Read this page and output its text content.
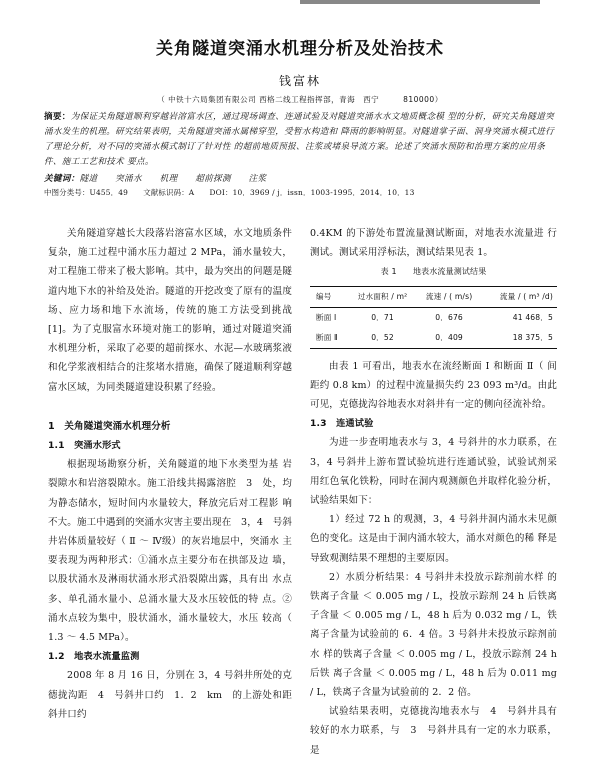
关角隧道突涌水机理分析及处治技术
钱富林
（ 中铁十六局集团有限公司 西格二线工程指挥部，青海　西宁　　　810000）
摘要：为保证关角隧道顺利穿越岩溶富水区，通过现场调查、连通试验及对隧道突涌水水文地质概念模 型的分析，研究关角隧道突涌水发生的机理。研究结果表明，关角隧道突涌水属梯穿型，受暂水构造和 降雨的影响明显。对隧道掌子面、洞身突涌水模式进行了理论分析，对不同的突涌水模式制订了针对性 的超前地质预报、注浆或堵泉导流方案。论述了突涌水预防和治理方案的应用条件、施工工艺和技术 要点。
关键词：隧道　　突涌水　　机理　　超前探测　　注浆
中图分类号：U455．49　　文献标识码：A　　DOI：10．3969 / j．issn．1003-1995．2014．10．13

关角隧道穿越长大段落岩溶富水区域，水文地质条件复杂，施工过程中涌水压力超过 2 MPa，涌水量较大，对工程施工带来了极大影响。其中，最为突出的问题是隧道内地下水的补给及处治。隧道的开挖改变了原有的温度场、应力场和地下水流场，传统的施工方法受到挑战[1]。为了克服富水环境对施工的影响，通过对隧道突涌水机理分析，采取了必要的超前探水、水泥—水玻璃浆液和化学浆液相结合的注浆堵水措施，确保了隧道顺利穿越富水区域，为同类隧道建设积累了经验。

1　关角隧道突涌水机理分析

1.1　突涌水形式

根据现场勘察分析，关角隧道的地下水类型为基 岩裂隙水和岩溶裂隙水。施工沿线共揭露溶腔　3　处，均为静态储水，短时间内水量较大，释放完后对工程影 响不大。施工中遇到的突涌水灾害主要出现在　3，4　号斜井岩体质量较好（ Ⅱ ～ Ⅳ级）的灰岩地层中，突涌水 主要表现为两种形式：①涌水点主要分布在拱部及边 墙，以股状涌水及淋雨状涌水形式沿裂隙出露，具有出 水点多、单孔涌水量小、总涌水量大及水压较低的特 点。②涌水点较为集中，股状涌水，涌水量较大，水压 较高（ 1.3 ～ 4.5 MPa）。

1.2　地表水流量监测

2008 年 8 月 16 日，分别在 3，4 号斜井所处的克德拢沟距　4　号斜井口约　1．2　km　的上游处和距斜井口约

0.4KM 的下游处布置流量测试断面，对地表水流量进 行测试。测试采用浮标法，测试结果见表 1。

表 1　　地表水流量测试结果

编号	过水面积 / m²	流速 / ( m/s)	流量 / ( m³ /d)
断面 Ⅰ	0．71	0．676	41 468．5
断面 Ⅱ	0．52	0．409	18 375．5

由表 1 可看出，地表水在流经断面 Ⅰ 和断面 Ⅱ（ 间距约 0.8 km）的过程中流量损失约 23 093 m³/d。由此可见，克德拢沟谷地表水对斜井有一定的侧向径流补给。

1.3　连通试验

为进一步查明地表水与 3，4 号斜井的水力联系，在 3，4 号斜井上游布置试验坑进行连通试验，试验试剂采用红色氧化铁粉，同时在洞内观测颜色并取样化验分析，试验结果如下：

1）经过 72 h 的观测，3，4 号斜井洞内涌水未见颜色的变化。这是由于洞内涌水较大，涌水对颜色的稀 释是导致观测结果不理想的主要原因。

2）水质分析结果：4 号斜井未投放示踪剂前水样 的铁离子含量 ＜ 0.005 mg / L，投放示踪剂 24 h 后铁离 子含量 ＜ 0.005 mg / L，48 h 后为 0.032 mg / L，铁离子含量为试验前的 6．4 倍。3 号斜井未投放示踪剂前水 样的铁离子含量 ＜ 0.005 mg / L，投放示踪剂 24 h 后铁 离子含量 ＜ 0.005 mg / L，48 h 后为 0.011 mg / L，铁离子含量为试验前的 2．2 倍。

试验结果表明，克德拢沟地表水与　4　号斜井具有较好的水力联系，与　3　号斜井具有一定的水力联系，是
